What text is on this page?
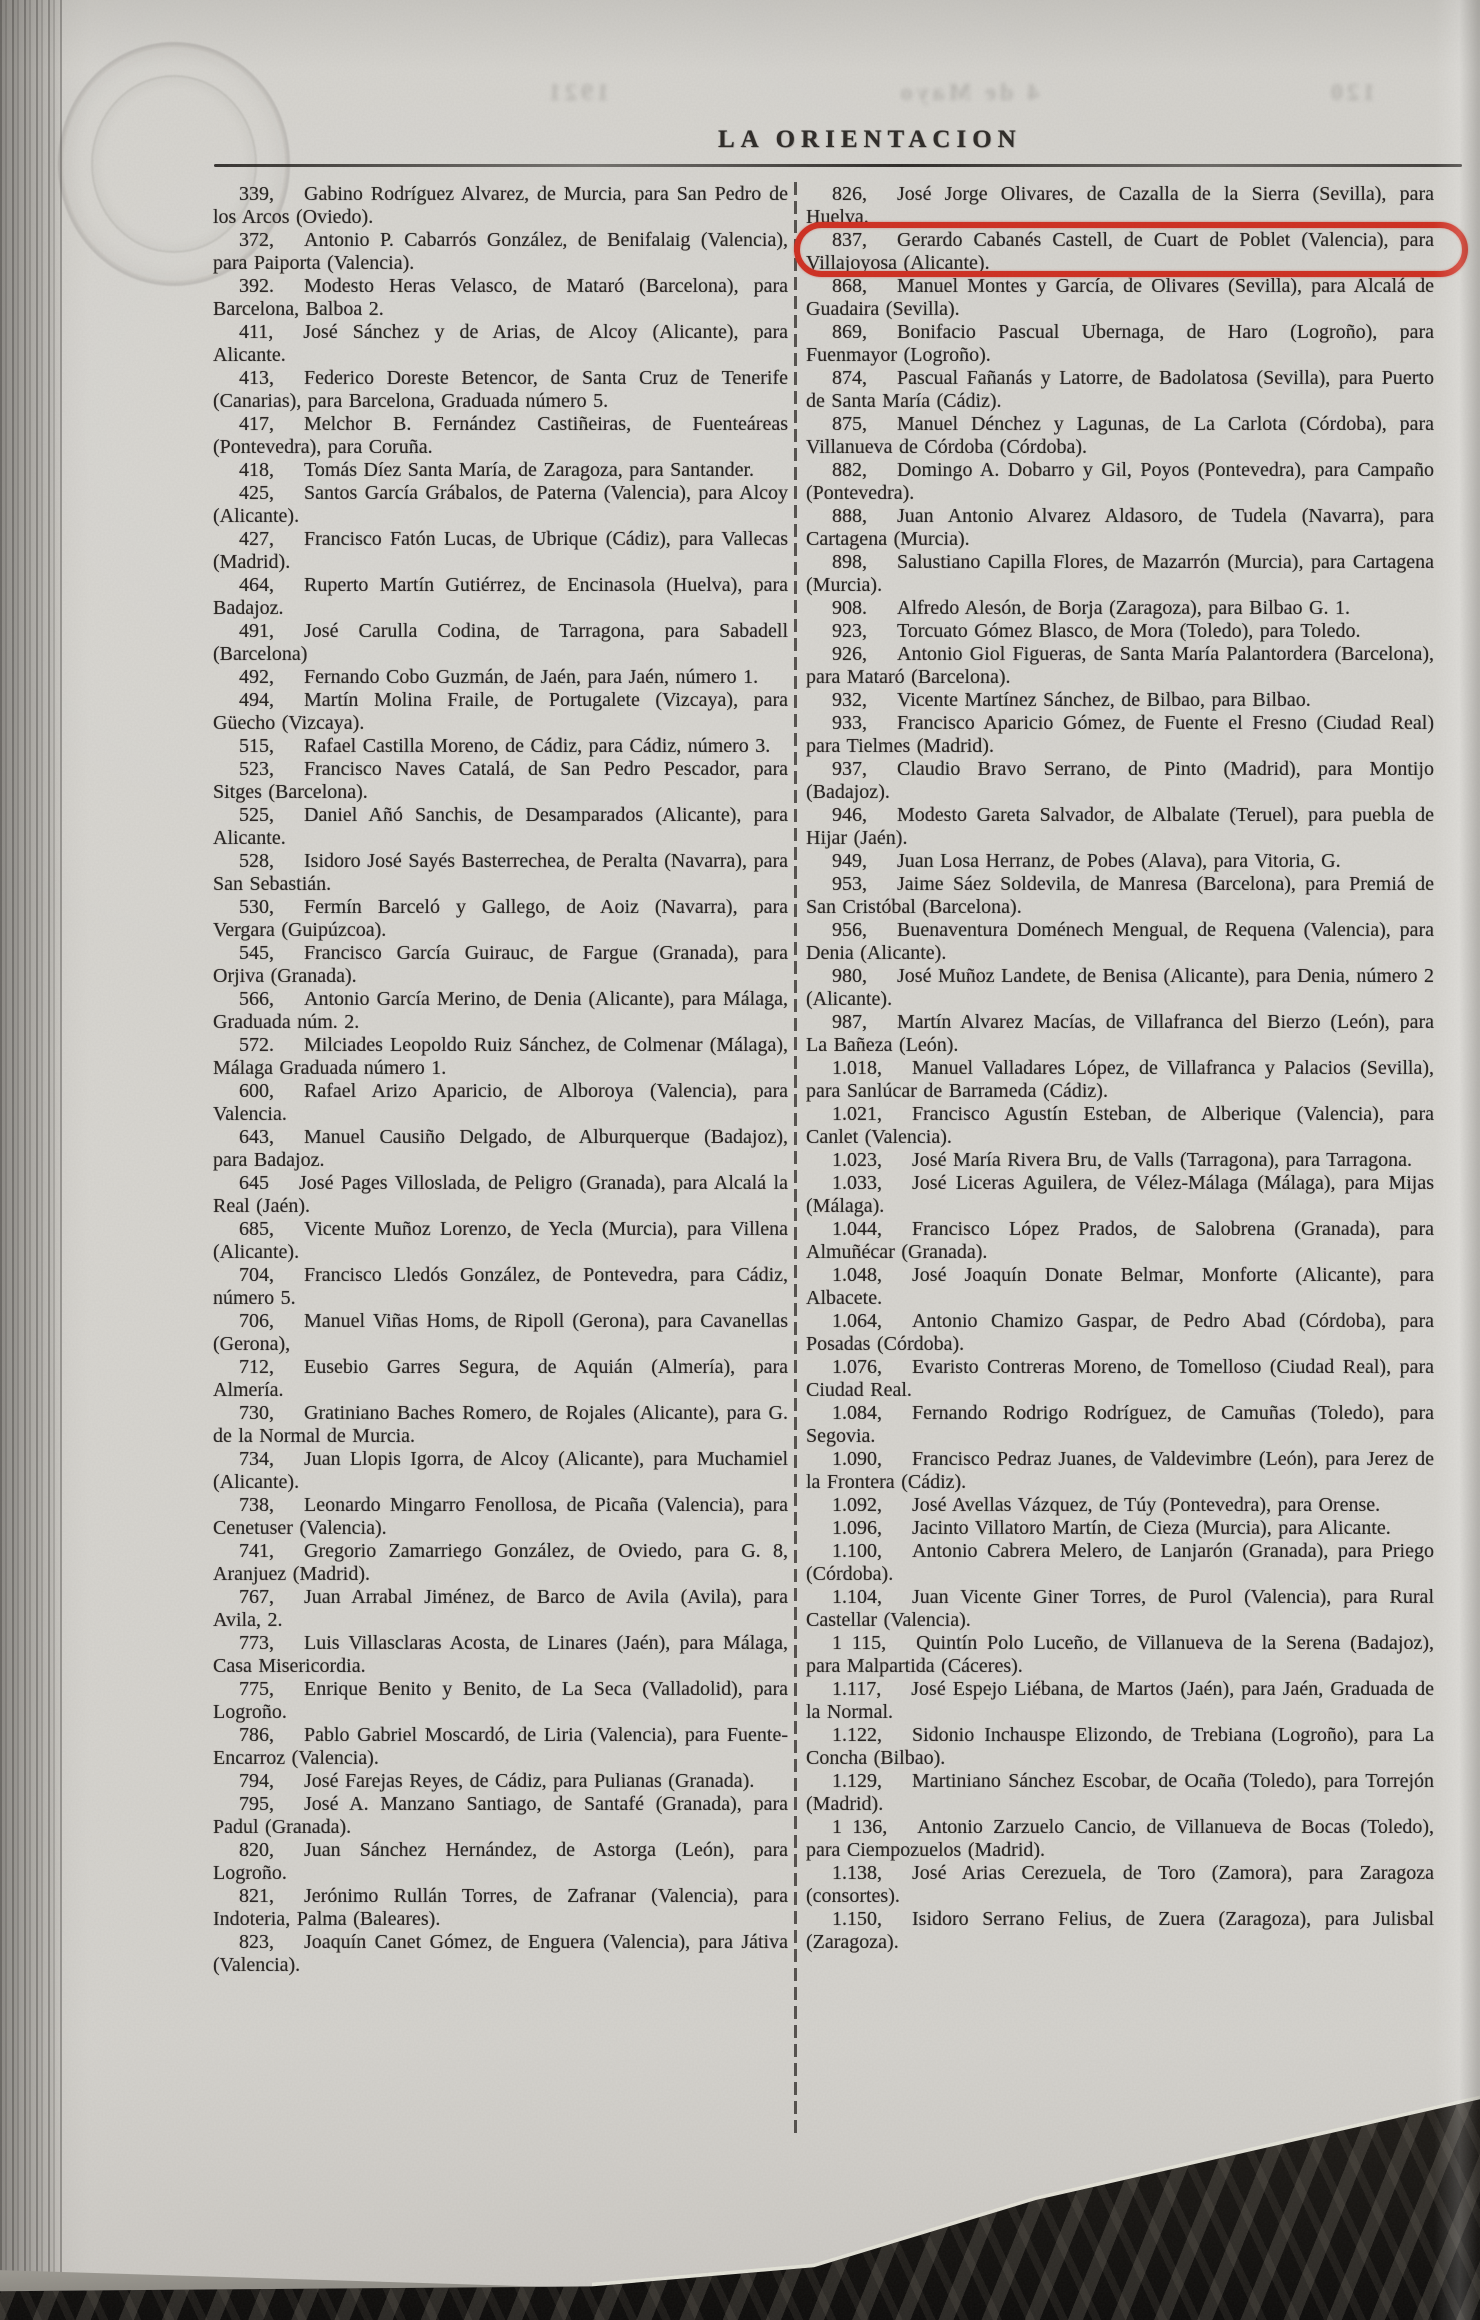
120
4 de Mayo
1921
LA ORIENTACION

339, Gabino Rodríguez Alvarez, de Murcia, para San Pedro de los Arcos (Oviedo).

372, Antonio P. Cabarrós González, de Benifalaig (Valencia), para Paiporta (Valencia).

392. Modesto Heras Velasco, de Mataró (Barcelona), para Barcelona, Balboa 2.

411, José Sánchez y de Arias, de Alcoy (Alicante), para Alicante.

413, Federico Doreste Betencor, de Santa Cruz de Tenerife (Canarias), para Barcelona, Graduada número 5.

417, Melchor B. Fernández Castiñeiras, de Fuenteáreas (Pontevedra), para Coruña.

418, Tomás Díez Santa María, de Zaragoza, para Santander.

425, Santos García Grábalos, de Paterna (Valencia), para Alcoy (Alicante).

427, Francisco Fatón Lucas, de Ubrique (Cádiz), para Vallecas (Madrid).

464, Ruperto Martín Gutiérrez, de Encinasola (Huelva), para Badajoz.

491, José Carulla Codina, de Tarragona, para Sabadell (Barcelona)

492, Fernando Cobo Guzmán, de Jaén, para Jaén, número 1.

494, Martín Molina Fraile, de Portugalete (Vizcaya), para Güecho (Vizcaya).

515, Rafael Castilla Moreno, de Cádiz, para Cádiz, número 3.

523, Francisco Naves Catalá, de San Pedro Pescador, para Sitges (Barcelona).

525, Daniel Añó Sanchis, de Desamparados (Alicante), para Alicante.

528, Isidoro José Sayés Basterrechea, de Peralta (Navarra), para San Sebastián.

530, Fermín Barceló y Gallego, de Aoiz (Navarra), para Vergara (Guipúzcoa).

545, Francisco García Guirauc, de Fargue (Granada), para Orjiva (Granada).

566, Antonio García Merino, de Denia (Alicante), para Málaga, Graduada núm. 2.

572. Milciades Leopoldo Ruiz Sánchez, de Colmenar (Málaga), Málaga Graduada número 1.

600, Rafael Arizo Aparicio, de Alboroya (Valencia), para Valencia.

643, Manuel Causiño Delgado, de Alburquerque (Badajoz), para Badajoz.

645 José Pages Villoslada, de Peligro (Granada), para Alcalá la Real (Jaén).

685, Vicente Muñoz Lorenzo, de Yecla (Murcia), para Villena (Alicante).

704, Francisco Lledós González, de Pontevedra, para Cádiz, número 5.

706, Manuel Viñas Homs, de Ripoll (Gerona), para Cavanellas (Gerona),

712, Eusebio Garres Segura, de Aquián (Almería), para Almería.

730, Gratiniano Baches Romero, de Rojales (Alicante), para G. de la Normal de Murcia.

734, Juan Llopis Igorra, de Alcoy (Alicante), para Muchamiel (Alicante).

738, Leonardo Mingarro Fenollosa, de Picaña (Valencia), para Cenetuser (Valencia).

741, Gregorio Zamarriego González, de Oviedo, para G. 8, Aranjuez (Madrid).

767, Juan Arrabal Jiménez, de Barco de Avila (Avila), para Avila, 2.

773, Luis Villasclaras Acosta, de Linares (Jaén), para Málaga, Casa Misericordia.

775, Enrique Benito y Benito, de La Seca (Valladolid), para Logroño.

786, Pablo Gabriel Moscardó, de Liria (Valencia), para Fuente-Encarroz (Valencia).

794, José Farejas Reyes, de Cádiz, para Pulianas (Granada).

795, José A. Manzano Santiago, de Santafé (Granada), para Padul (Granada).

820, Juan Sánchez Hernández, de Astorga (León), para Logroño.

821, Jerónimo Rullán Torres, de Zafranar (Valencia), para Indoteria, Palma (Baleares).

823, Joaquín Canet Gómez, de Enguera (Valencia), para Játiva (Valencia).

826, José Jorge Olivares, de Cazalla de la Sierra (Sevilla), para Huelva.

837, Gerardo Cabanés Castell, de Cuart de Poblet (Valencia), para Villajoyosa (Alicante).

868, Manuel Montes y García, de Olivares (Sevilla), para Alcalá de Guadaira (Sevilla).

869, Bonifacio Pascual Ubernaga, de Haro (Logroño), para Fuenmayor (Logroño).

874, Pascual Fañanás y Latorre, de Badolatosa (Sevilla), para Puerto de Santa María (Cádiz).

875, Manuel Dénchez y Lagunas, de La Carlota (Córdoba), para Villanueva de Córdoba (Córdoba).

882, Domingo A. Dobarro y Gil, Poyos (Pontevedra), para Campaño (Pontevedra).

888, Juan Antonio Alvarez Aldasoro, de Tudela (Navarra), para Cartagena (Murcia).

898, Salustiano Capilla Flores, de Mazarrón (Murcia), para Cartagena (Murcia).

908. Alfredo Alesón, de Borja (Zaragoza), para Bilbao G. 1.

923, Torcuato Gómez Blasco, de Mora (Toledo), para Toledo.

926, Antonio Giol Figueras, de Santa María Palantordera (Barcelona), para Mataró (Barcelona).

932, Vicente Martínez Sánchez, de Bilbao, para Bilbao.

933, Francisco Aparicio Gómez, de Fuente el Fresno (Ciudad Real) para Tielmes (Madrid).

937, Claudio Bravo Serrano, de Pinto (Madrid), para Montijo (Badajoz).

946, Modesto Gareta Salvador, de Albalate (Teruel), para puebla de Hijar (Jaén).

949, Juan Losa Herranz, de Pobes (Alava), para Vitoria, G.

953, Jaime Sáez Soldevila, de Manresa (Barcelona), para Premiá de San Cristóbal (Barcelona).

956, Buenaventura Doménech Mengual, de Requena (Valencia), para Denia (Alicante).

980, José Muñoz Landete, de Benisa (Alicante), para Denia, número 2 (Alicante).

987, Martín Alvarez Macías, de Villafranca del Bierzo (León), para La Bañeza (León).

1.018, Manuel Valladares López, de Villafranca y Palacios (Sevilla), para Sanlúcar de Barrameda (Cádiz).

1.021, Francisco Agustín Esteban, de Alberique (Valencia), para Canlet (Valencia).

1.023, José María Rivera Bru, de Valls (Tarragona), para Tarragona.

1.033, José Liceras Aguilera, de Vélez-Málaga (Málaga), para Mijas (Málaga).

1.044, Francisco López Prados, de Salobrena (Granada), para Almuñécar (Granada).

1.048, José Joaquín Donate Belmar, Monforte (Alicante), para Albacete.

1.064, Antonio Chamizo Gaspar, de Pedro Abad (Córdoba), para Posadas (Córdoba).

1.076, Evaristo Contreras Moreno, de Tomelloso (Ciudad Real), para Ciudad Real.

1.084, Fernando Rodrigo Rodríguez, de Camuñas (Toledo), para Segovia.

1.090, Francisco Pedraz Juanes, de Valdevimbre (León), para Jerez de la Frontera (Cádiz).

1.092, José Avellas Vázquez, de Túy (Pontevedra), para Orense.

1.096, Jacinto Villatoro Martín, de Cieza (Murcia), para Alicante.

1.100, Antonio Cabrera Melero, de Lanjarón (Granada), para Priego (Córdoba).

1.104, Juan Vicente Giner Torres, de Purol (Valencia), para Rural Castellar (Valencia).

1 115, Quintín Polo Luceño, de Villanueva de la Serena (Badajoz), para Malpartida (Cáceres).

1.117, José Espejo Liébana, de Martos (Jaén), para Jaén, Graduada de la Normal.

1.122, Sidonio Inchauspe Elizondo, de Trebiana (Logroño), para La Concha (Bilbao).

1.129, Martiniano Sánchez Escobar, de Ocaña (Toledo), para Torrejón (Madrid).

1 136, Antonio Zarzuelo Cancio, de Villanueva de Bocas (Toledo), para Ciempozuelos (Madrid).

1.138, José Arias Cerezuela, de Toro (Zamora), para Zaragoza (consortes).

1.150, Isidoro Serrano Felius, de Zuera (Zaragoza), para Julisbal (Zaragoza).
